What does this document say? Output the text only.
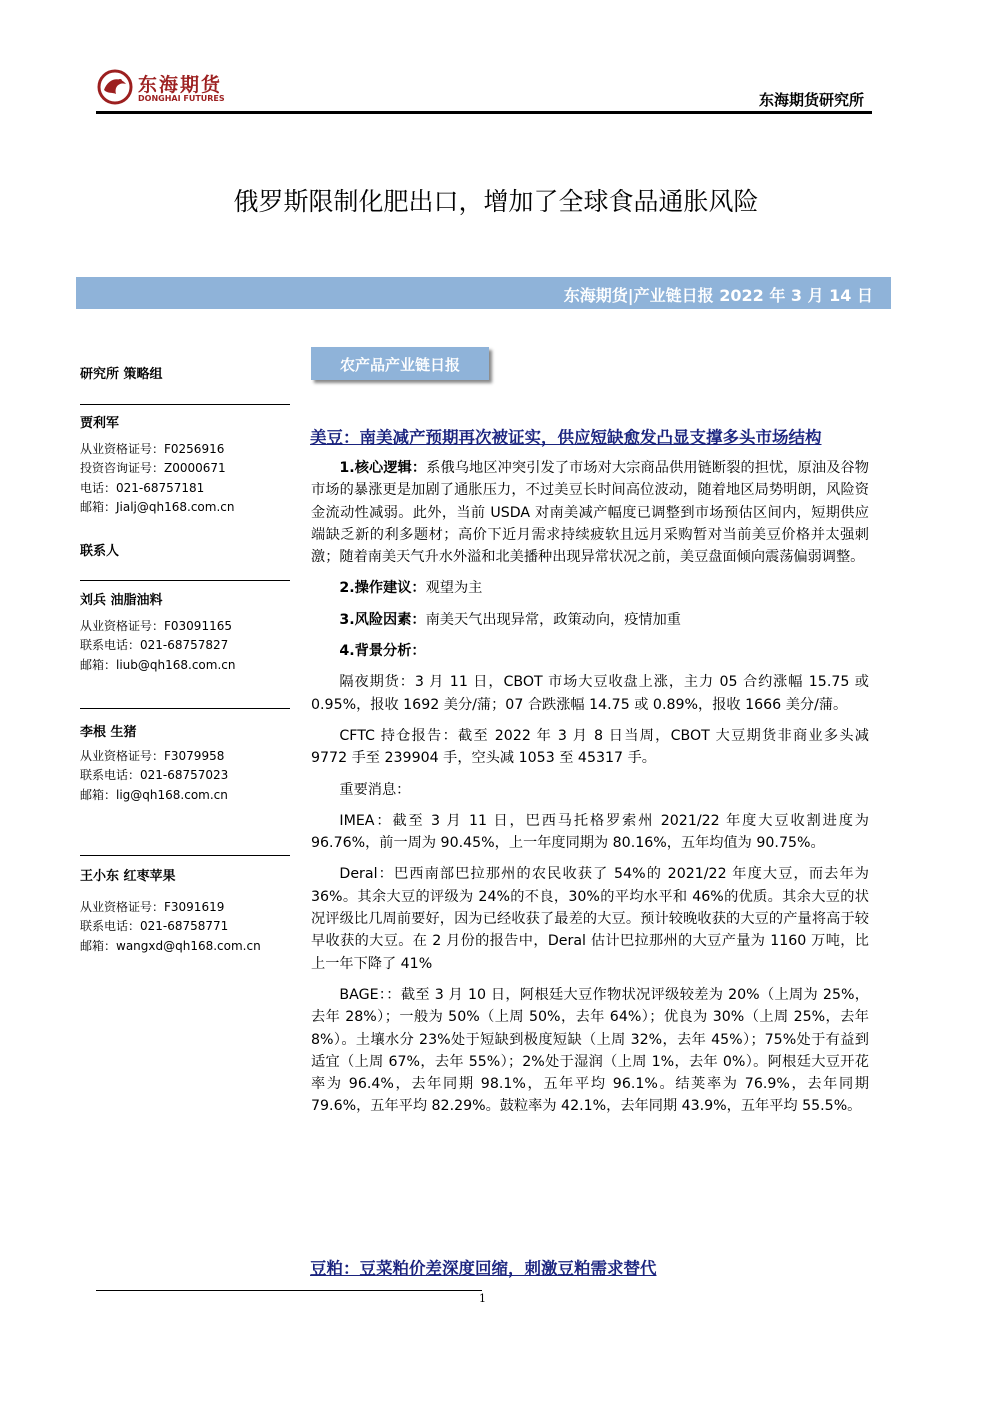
东海期货
DONGHAI FUTURES	东海期货研究所
俄罗斯限制化肥出口，增加了全球食品通胀风险
东海期货|产业链日报 2022 年 3 月 14 日

研究所 策略组

贾利军

从业资格证号：F0256916

投资咨询证号：Z0000671

电话：021-68757181

邮箱：Jialj@qh168.com.cn

联系人

刘兵 油脂油料

从业资格证号：F03091165

联系电话：021-68757827

邮箱：liub@qh168.com.cn

李根 生猪

从业资格证号：F3079958

联系电话：021-68757023

邮箱：lig@qh168.com.cn

王小东 红枣苹果

从业资格证号：F3091619

联系电话：021-68758771

邮箱：wangxd@qh168.com.cn

农产品产业链日报
美豆：南美减产预期再次被证实，供应短缺愈发凸显支撑多头市场结构

1.核心逻辑：系俄乌地区冲突引发了市场对大宗商品供用链断裂的担忧，原油及谷物市场的暴涨更是加剧了通胀压力，不过美豆长时间高位波动，随着地区局势明朗，风险资金流动性减弱。此外，当前 USDA 对南美减产幅度已调整到市场预估区间内，短期供应端缺乏新的利多题材；高价下近月需求持续疲软且远月采购暂对当前美豆价格并太强刺激；随着南美天气升水外溢和北美播种出现异常状况之前，美豆盘面倾向震荡偏弱调整。

2.操作建议：观望为主

3.风险因素：南美天气出现异常，政策动向，疫情加重

4.背景分析：

隔夜期货：3 月 11 日，CBOT 市场大豆收盘上涨，主力 05 合约涨幅 15.75 或 0.95%，报收 1692 美分/蒲；07 合跌涨幅 14.75 或 0.89%，报收 1666 美分/蒲。

CFTC 持仓报告：截至 2022 年 3 月 8 日当周，CBOT 大豆期货非商业多头减 9772 手至 239904 手，空头减 1053 至 45317 手。

重要消息：

IMEA：截至 3 月 11 日，巴西马托格罗索州 2021/22 年度大豆收割进度为 96.76%，前一周为 90.45%，上一年度同期为 80.16%，五年均值为 90.75%。

Deral：巴西南部巴拉那州的农民收获了 54%的 2021/22 年度大豆，而去年为 36%。其余大豆的评级为 24%的不良，30%的平均水平和 46%的优质。其余大豆的状况评级比几周前要好，因为已经收获了最差的大豆。预计较晚收获的大豆的产量将高于较早收获的大豆。在 2 月份的报告中，Deral 估计巴拉那州的大豆产量为 1160 万吨，比上一年下降了 41%

BAGE：：截至 3 月 10 日，阿根廷大豆作物状况评级较差为 20%（上周为 25%，去年 28%）；一般为 50%（上周 50%，去年 64%）；优良为 30%（上周 25%，去年 8%）。土壤水分 23%处于短缺到极度短缺（上周 32%，去年 45%）；75%处于有益到适宜（上周 67%，去年 55%）；2%处于湿润（上周 1%，去年 0%）。阿根廷大豆开花率为 96.4%，去年同期 98.1%，五年平均 96.1%。结荚率为 76.9%，去年同期 79.6%，五年平均 82.29%。鼓粒率为 42.1%，去年同期 43.9%，五年平均 55.5%。

豆粕：豆菜粕价差深度回缩，刺激豆粕需求替代
1
